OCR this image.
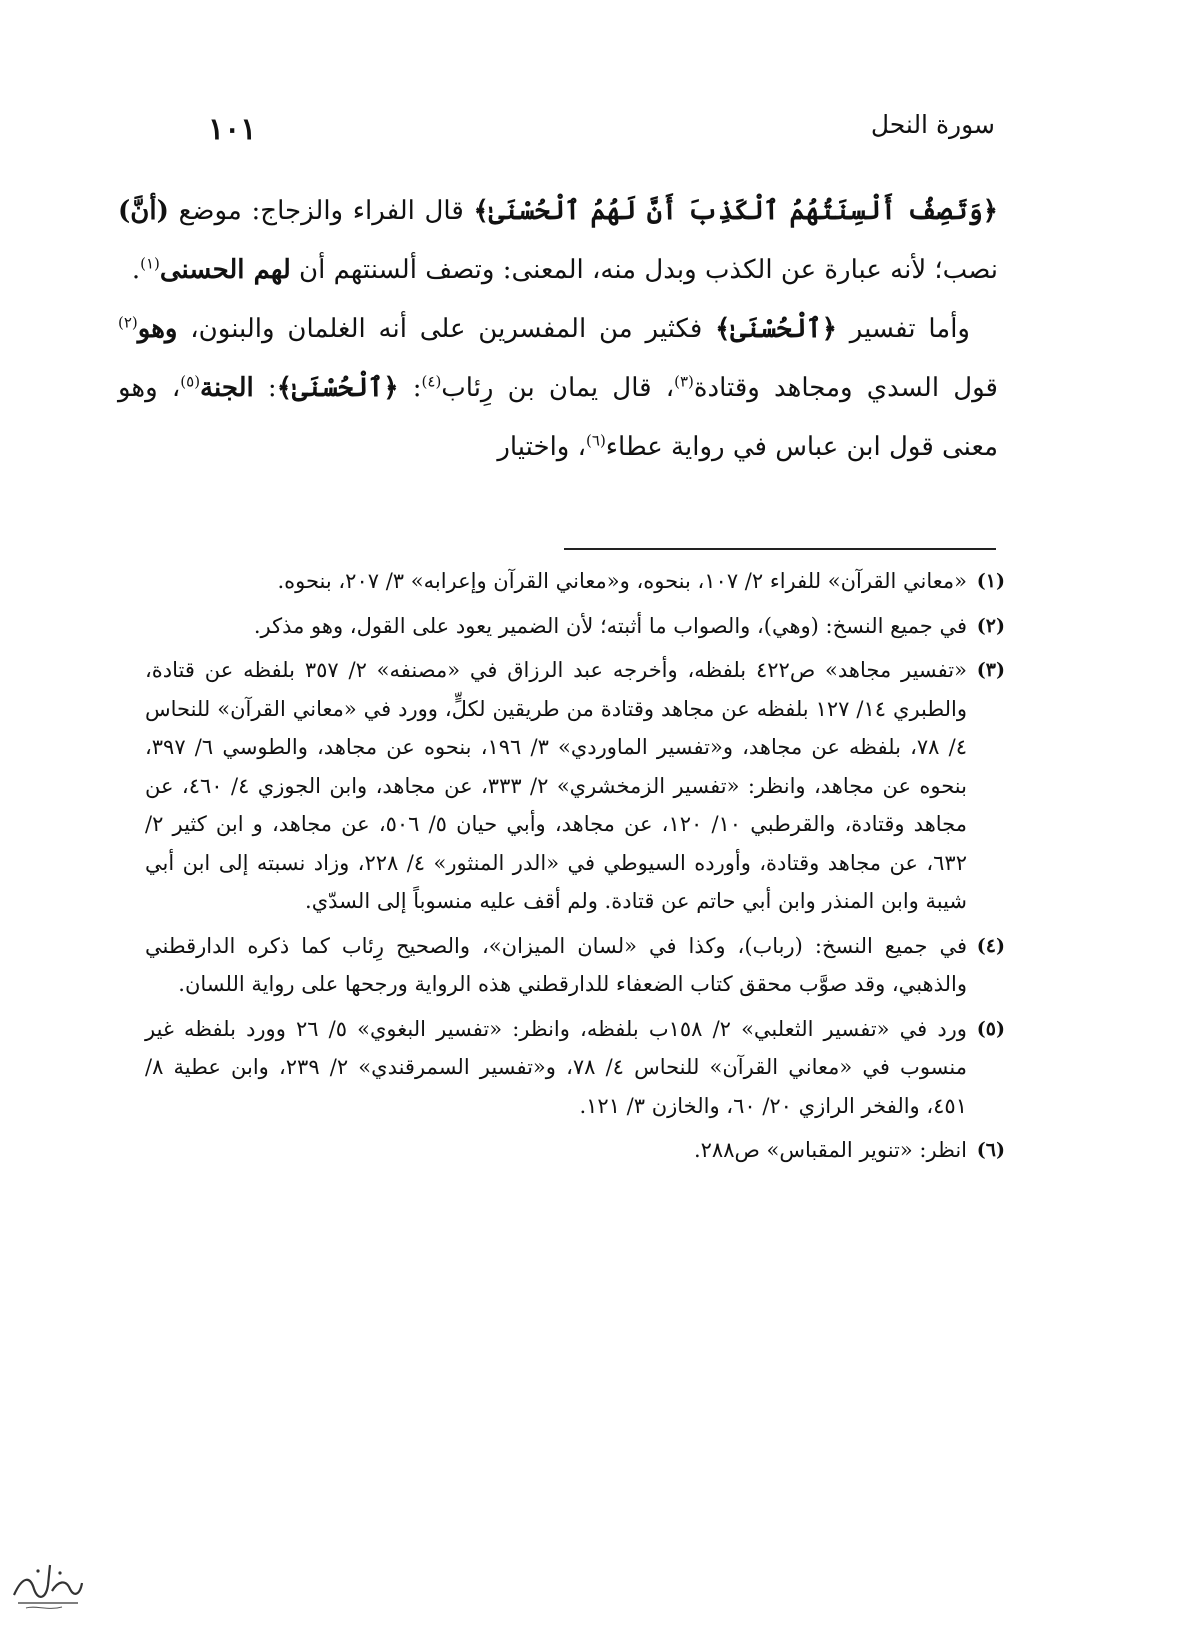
١٠١	سورة النحل

﴿وَتَصِفُ أَلْسِنَتُهُمُ ٱلْكَذِبَ أَنَّ لَهُمُ ٱلْحُسْنَىٰ﴾ قال الفراء والزجاج: موضع (أنَّ) نصب؛ لأنه عبارة عن الكذب وبدل منه، المعنى: وتصف ألسنتهم أن لهم الحسنى$^{(١)}$.

وأما تفسير ﴿ٱلْحُسْنَىٰ﴾ فكثير من المفسرين على أنه الغلمان والبنون، وهو$^{(٢)}$ قول السدي ومجاهد وقتادة$^{(٣)}$، قال يمان بن رِئاب$^{(٤)}$: ﴿ٱلْحُسْنَىٰ﴾: الجنة$^{(٥)}$، وهو معنى قول ابن عباس في رواية عطاء$^{(٦)}$، واختيار

(١)
«معاني القرآن» للفراء ٢/ ١٠٧، بنحوه، و«معاني القرآن وإعرابه» ٣/ ٢٠٧، بنحوه.
(٢)
في جميع النسخ: (وهي)، والصواب ما أثبته؛ لأن الضمير يعود على القول، وهو مذكر.
(٣)
«تفسير مجاهد» ص٤٢٢ بلفظه، وأخرجه عبد الرزاق في «مصنفه» ٢/ ٣٥٧ بلفظه عن قتادة، والطبري ١٤/ ١٢٧ بلفظه عن مجاهد وقتادة من طريقين لكلٍّ، وورد في «معاني القرآن» للنحاس ٤/ ٧٨، بلفظه عن مجاهد، و«تفسير الماوردي» ٣/ ١٩٦، بنحوه عن مجاهد، والطوسي ٦/ ٣٩٧، بنحوه عن مجاهد، وانظر: «تفسير الزمخشري» ٢/ ٣٣٣، عن مجاهد، وابن الجوزي ٤/ ٤٦٠، عن مجاهد وقتادة، والقرطبي ١٠/ ١٢٠، عن مجاهد، وأبي حيان ٥/ ٥٠٦، عن مجاهد، و ابن كثير ٢/ ٦٣٢، عن مجاهد وقتادة، وأورده السيوطي في «الدر المنثور» ٤/ ٢٢٨، وزاد نسبته إلى ابن أبي شيبة وابن المنذر وابن أبي حاتم عن قتادة. ولم أقف عليه منسوباً إلى السدّي.
(٤)
في جميع النسخ: (رباب)، وكذا في «لسان الميزان»، والصحيح رِئاب كما ذكره الدارقطني والذهبي، وقد صوَّب محقق كتاب الضعفاء للدارقطني هذه الرواية ورجحها على رواية اللسان.
(٥)
ورد في «تفسير الثعلبي» ٢/ ١٥٨ب بلفظه، وانظر: «تفسير البغوي» ٥/ ٢٦ وورد بلفظه غير منسوب في «معاني القرآن» للنحاس ٤/ ٧٨، و«تفسير السمرقندي» ٢/ ٢٣٩، وابن عطية ٨/ ٤٥١، والفخر الرازي ٢٠/ ٦٠، والخازن ٣/ ١٢١.
(٦)
انظر: «تنوير المقباس» ص٢٨٨.
